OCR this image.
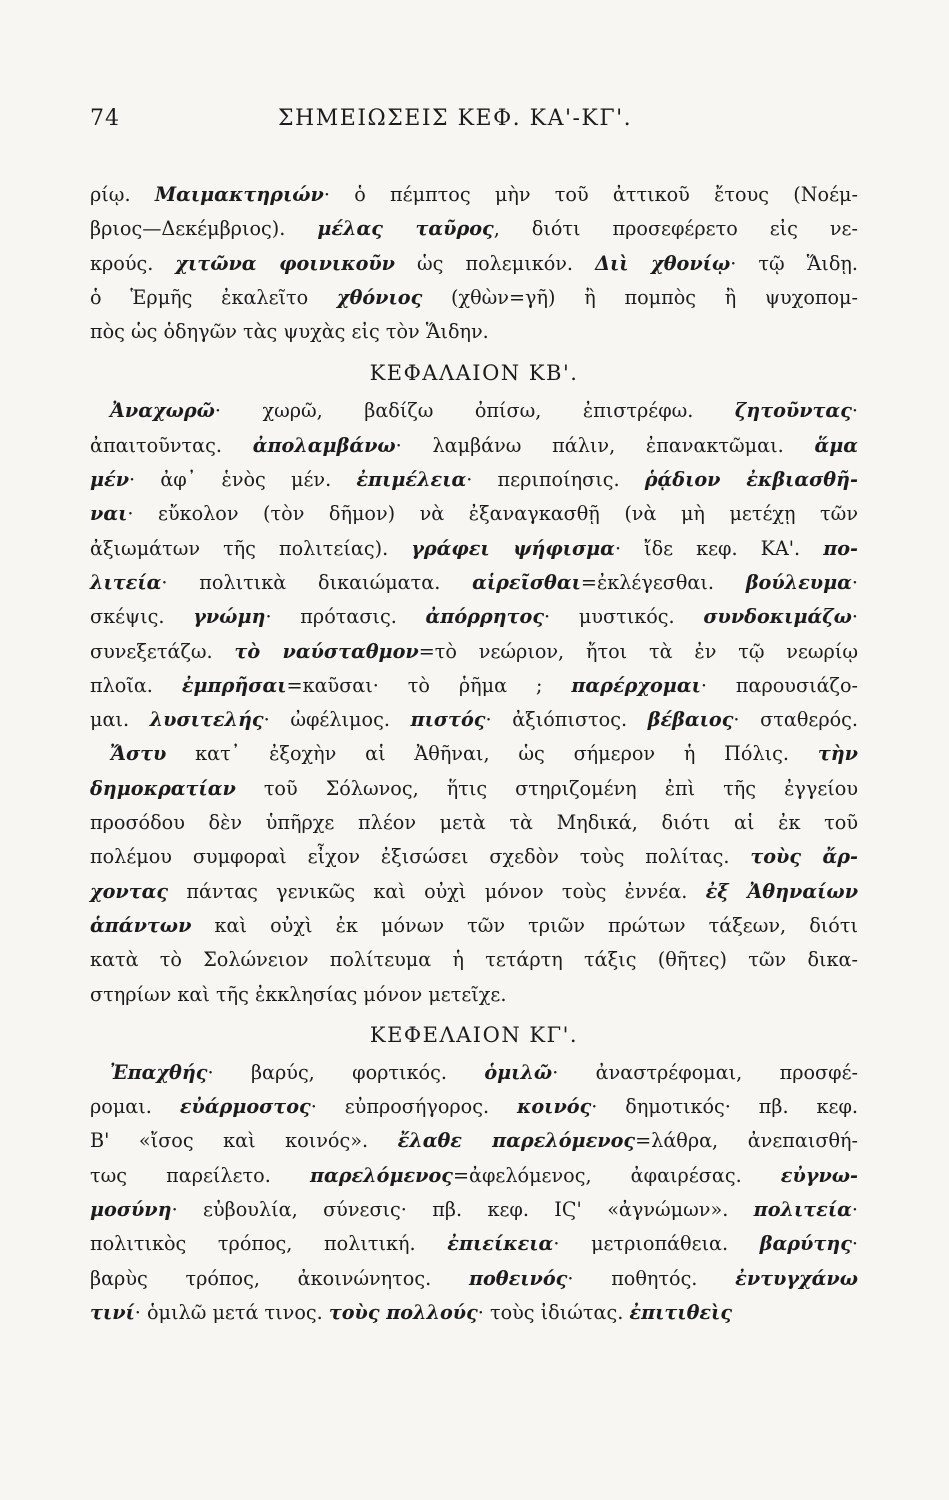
74	ΣΗΜΕΙΩΣΕΙΣ ΚΕΦ. ΚΑ'-ΚΓ'.
ρίῳ. Μαιμακτηριών· ὁ πέμπτος μὴν τοῦ ἀττικοῦ ἔτους (Νοέμ-
βριος—Δεκέμβριος). μέλας ταῦρος, διότι προσεφέρετο εἰς νε-
κρούς. χιτῶνα φοινικοῦν ὡς πολεμικόν. Διὶ χθονίῳ· τῷ Ἅιδῃ.
ὁ Ἑρμῆς ἐκαλεῖτο χθόνιος (χθὼν=γῆ) ἢ πομπὸς ἢ ψυχοπομ-
πὸς ὡς ὁδηγῶν τὰς ψυχὰς εἰς τὸν Ἅιδην.
ΚΕΦΑΛΑΙΟΝ ΚΒ'.
Ἀναχωρῶ· χωρῶ, βαδίζω ὀπίσω, ἐπιστρέφω. ζητοῦντας·
ἀπαιτοῦντας. ἀπολαμβάνω· λαμβάνω πάλιν, ἐπανακτῶμαι. ἅμα
μέν· ἀφ᾽ ἑνὸς μέν. ἐπιμέλεια· περιποίησις. ῥᾴδιον ἐκβιασθῆ-
ναι· εὔκολον (τὸν δῆμον) νὰ ἐξαναγκασθῇ (νὰ μὴ μετέχῃ τῶν
ἀξιωμάτων τῆς πολιτείας). γράφει ψήφισμα· ἴδε κεφ. ΚΑ'. πο-
λιτεία· πολιτικὰ δικαιώματα. αἱρεῖσθαι=ἐκλέγεσθαι. βούλευμα·
σκέψις. γνώμη· πρότασις. ἀπόρρητος· μυστικός. συνδοκιμάζω·
συνεξετάζω. τὸ ναύσταθμον=τὸ νεώριον, ἤτοι τὰ ἐν τῷ νεωρίῳ
πλοῖα. ἐμπρῆσαι=καῦσαι· τὸ ῥῆμα ; παρέρχομαι· παρουσιάζο-
μαι. λυσιτελής· ὠφέλιμος. πιστός· ἀξιόπιστος. βέβαιος· σταθερός.
Ἄστυ κατ᾽ ἐξοχὴν αἱ Ἀθῆναι, ὡς σήμερον ἡ Πόλις. τὴν
δημοκρατίαν τοῦ Σόλωνος, ἥτις στηριζομένη ἐπὶ τῆς ἐγγείου
προσόδου δὲν ὑπῆρχε πλέον μετὰ τὰ Μηδικά, διότι αἱ ἐκ τοῦ
πολέμου συμφοραὶ εἶχον ἐξισώσει σχεδὸν τοὺς πολίτας. τοὺς ἄρ-
χοντας πάντας γενικῶς καὶ οὐχὶ μόνον τοὺς ἐννέα. ἐξ Ἀθηναίων
ἁπάντων καὶ οὐχὶ ἐκ μόνων τῶν τριῶν πρώτων τάξεων, διότι
κατὰ τὸ Σολώνειον πολίτευμα ἡ τετάρτη τάξις (θῆτες) τῶν δικα-
στηρίων καὶ τῆς ἐκκλησίας μόνον μετεῖχε.
ΚΕΦΕΛΑΙΟΝ ΚΓ'.
Ἐπαχθής· βαρύς, φορτικός. ὁμιλῶ· ἀναστρέφομαι, προσφέ-
ρομαι. εὐάρμοστος· εὐπροσήγορος. κοινός· δημοτικός· πβ. κεφ.
Β' «ἴσος καὶ κοινός». ἔλαθε παρελόμενος=λάθρα, ἀνεπαισθή-
τως παρείλετο. παρελόμενος=ἀφελόμενος, ἀφαιρέσας. εὐγνω-
μοσύνη· εὐβουλία, σύνεσις· πβ. κεφ. ΙϚ' «ἀγνώμων». πολιτεία·
πολιτικὸς τρόπος, πολιτική. ἐπιείκεια· μετριοπάθεια. βαρύτης·
βαρὺς τρόπος, ἀκοινώνητος. ποθεινός· ποθητός. ἐντυγχάνω
τινί· ὁμιλῶ μετά τινος. τοὺς πολλούς· τοὺς ἰδιώτας. ἐπιτιθεὶς
